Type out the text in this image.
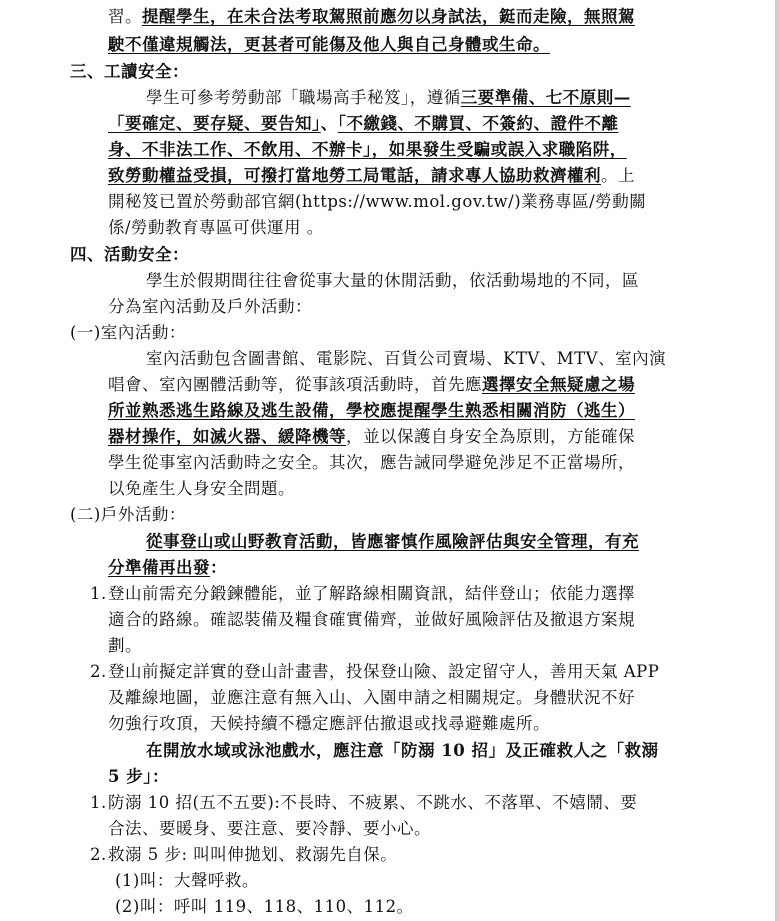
習。提醒學生，在未合法考取駕照前應勿以身試法，鋌而走險，無照駕
駛不僅違規觸法，更甚者可能傷及他人與自己身體或生命。
三、工讀安全：
學生可參考勞動部「職場高手秘笈」，遵循三要準備、七不原則—
「要確定、要存疑、要告知」、「不繳錢、不購買、不簽約、證件不離
身、不非法工作、不飲用、不辦卡」，如果發生受騙或誤入求職陷阱，
致勞動權益受損，可撥打當地勞工局電話，請求專人協助救濟權利。上
開秘笈已置於勞動部官網(https://www.mol.gov.tw/)業務專區/勞動關
係/勞動教育專區可供運用 。
四、活動安全：
學生於假期間往往會從事大量的休閒活動，依活動場地的不同，區
分為室內活動及戶外活動：
(一)室內活動：
室內活動包含圖書館、電影院、百貨公司賣場、KTV、MTV、室內演
唱會、室內團體活動等，從事該項活動時，首先應選擇安全無疑慮之場
所並熟悉逃生路線及逃生設備，學校應提醒學生熟悉相關消防（逃生）
器材操作，如滅火器、緩降機等，並以保護自身安全為原則，方能確保
學生從事室內活動時之安全。其次，應告誡同學避免涉足不正當場所，
以免產生人身安全問題。
(二)戶外活動：
從事登山或山野教育活動，皆應審慎作風險評估與安全管理，有充
分準備再出發：
1. 登山前需充分鍛鍊體能，並了解路線相關資訊，結伴登山；依能力選擇
適合的路線。確認裝備及糧食確實備齊，並做好風險評估及撤退方案規
劃。
2. 登山前擬定詳實的登山計畫書，投保登山險、設定留守人，善用天氣 APP
及離線地圖，並應注意有無入山、入園申請之相關規定。身體狀況不好
勿強行攻頂，天候持續不穩定應評估撤退或找尋避難處所。
在開放水域或泳池戲水，應注意「防溺 10 招」及正確救人之「救溺
5 步」：
1. 防溺 10 招(五不五要):不長時、不疲累、不跳水、不落單、不嬉鬧、要
合法、要暖身、要注意、要冷靜、要小心。
2. 救溺 5 步: 叫叫伸拋划、救溺先自保。
(1)叫：大聲呼救。
(2)叫：呼叫 119、118、110、112。
